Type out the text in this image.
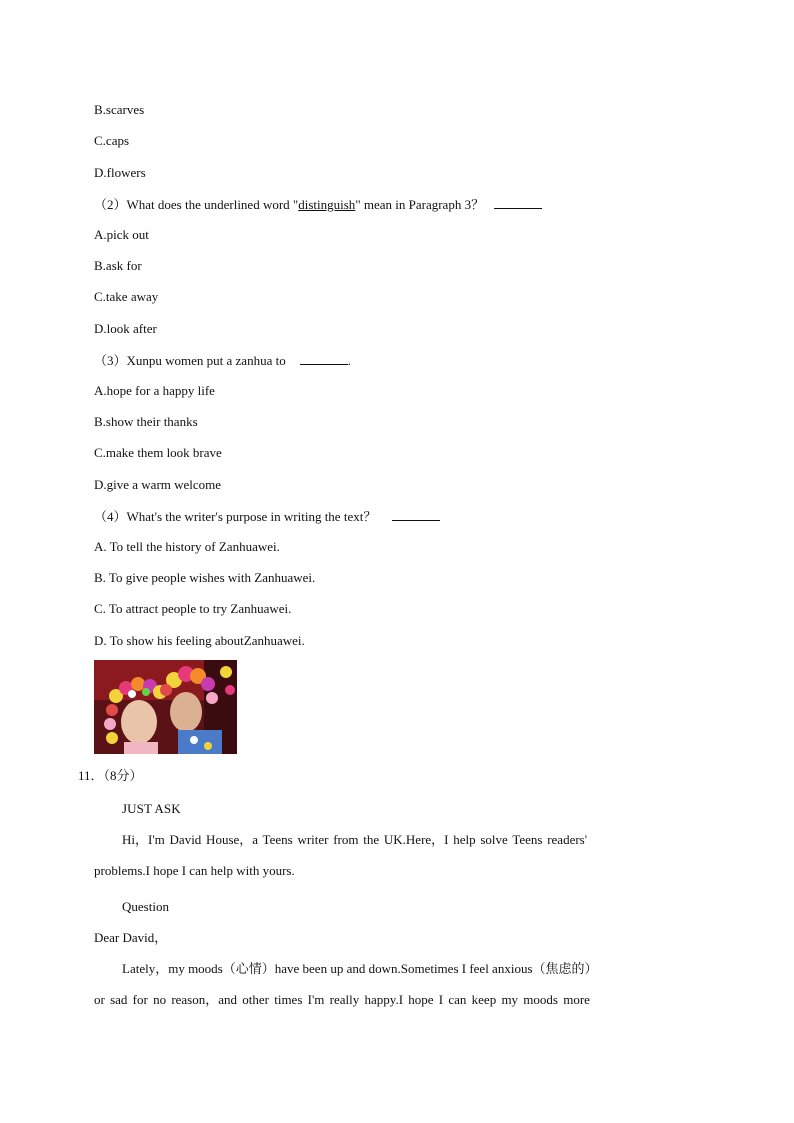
B.scarves
C.caps
D.flowers
（2）What does the underlined word "distinguish" mean in Paragraph 3？
A.pick out
B.ask for
C.take away
D.look after
（3）Xunpu women put a zanhua to	.
A.hope for a happy life
B.show their thanks
C.make them look brave
D.give a warm welcome
（4）What's the writer's purpose in writing the text？
A. To tell the history of Zanhuawei.
B. To give people wishes with Zanhuawei.
C. To attract people to try Zanhuawei.
D. To show his feeling aboutZanhuawei.
11．（8分）
JUST ASK
Hi，I'm David House，a Teens writer from the UK.Here，I help solve Teens readers'
problems.I hope I can help with yours.
Question
Dear David，
Lately，my moods（心情）have been up and down.Sometimes I feel anxious（焦虑的）
or sad for no reason，and other times I'm really happy.I hope I can keep my moods more
